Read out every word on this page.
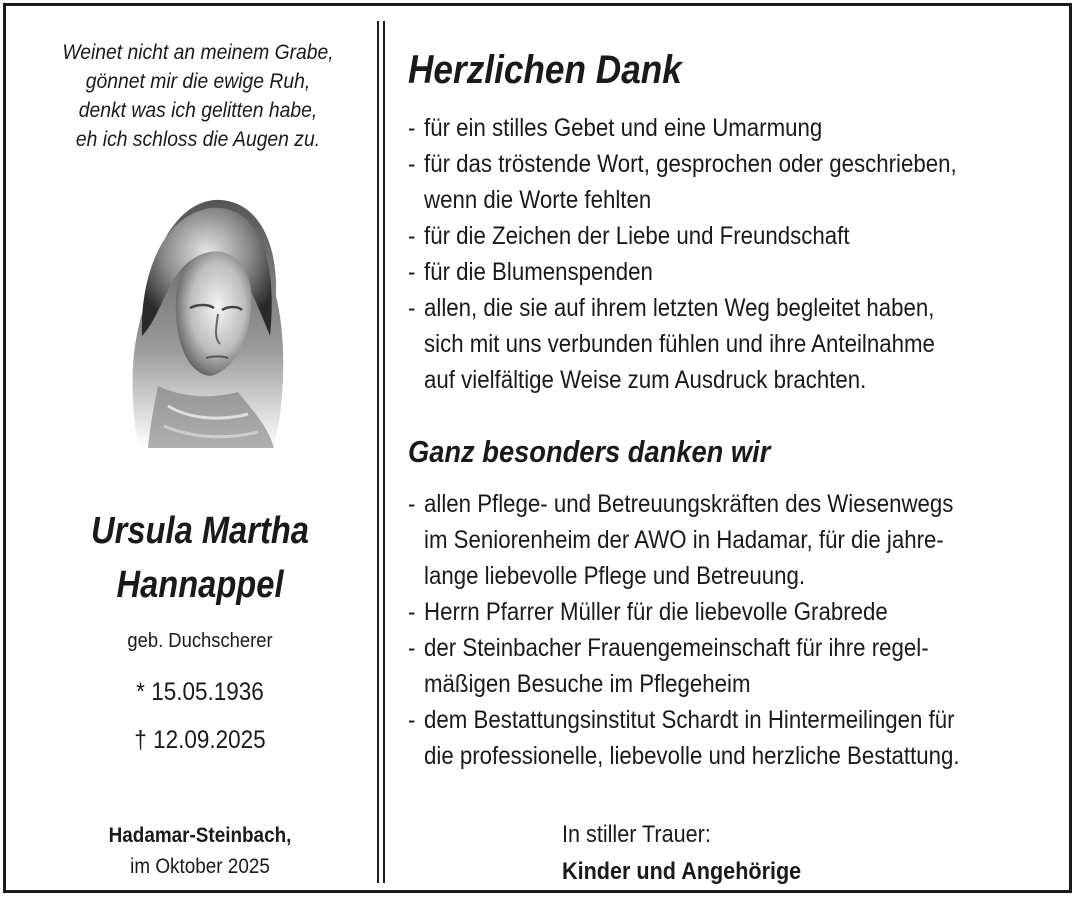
Weinet nicht an meinem Grabe,
gönnet mir die ewige Ruh,
denkt was ich gelitten habe,
eh ich schloss die Augen zu.
Ursula Martha
Hannappel
geb. Duchscherer
* 15.05.1936
† 12.09.2025
Hadamar-Steinbach,
im Oktober 2025
Herzlichen Dank
- für ein stilles Gebet und eine Umarmung
- für das tröstende Wort, gesprochen oder geschrieben,
wenn die Worte fehlten
- für die Zeichen der Liebe und Freundschaft
- für die Blumenspenden
- allen, die sie auf ihrem letzten Weg begleitet haben,
sich mit uns verbunden fühlen und ihre Anteilnahme
auf vielfältige Weise zum Ausdruck brachten.
Ganz besonders danken wir
- allen Pflege- und Betreuungskräften des Wiesenwegs
im Seniorenheim der AWO in Hadamar, für die jahre-
lange liebevolle Pflege und Betreuung.
- Herrn Pfarrer Müller für die liebevolle Grabrede
- der Steinbacher Frauengemeinschaft für ihre regel-
mäßigen Besuche im Pflegeheim
- dem Bestattungsinstitut Schardt in Hintermeilingen für
die professionelle, liebevolle und herzliche Bestattung.
In stiller Trauer:
Kinder und Angehörige
